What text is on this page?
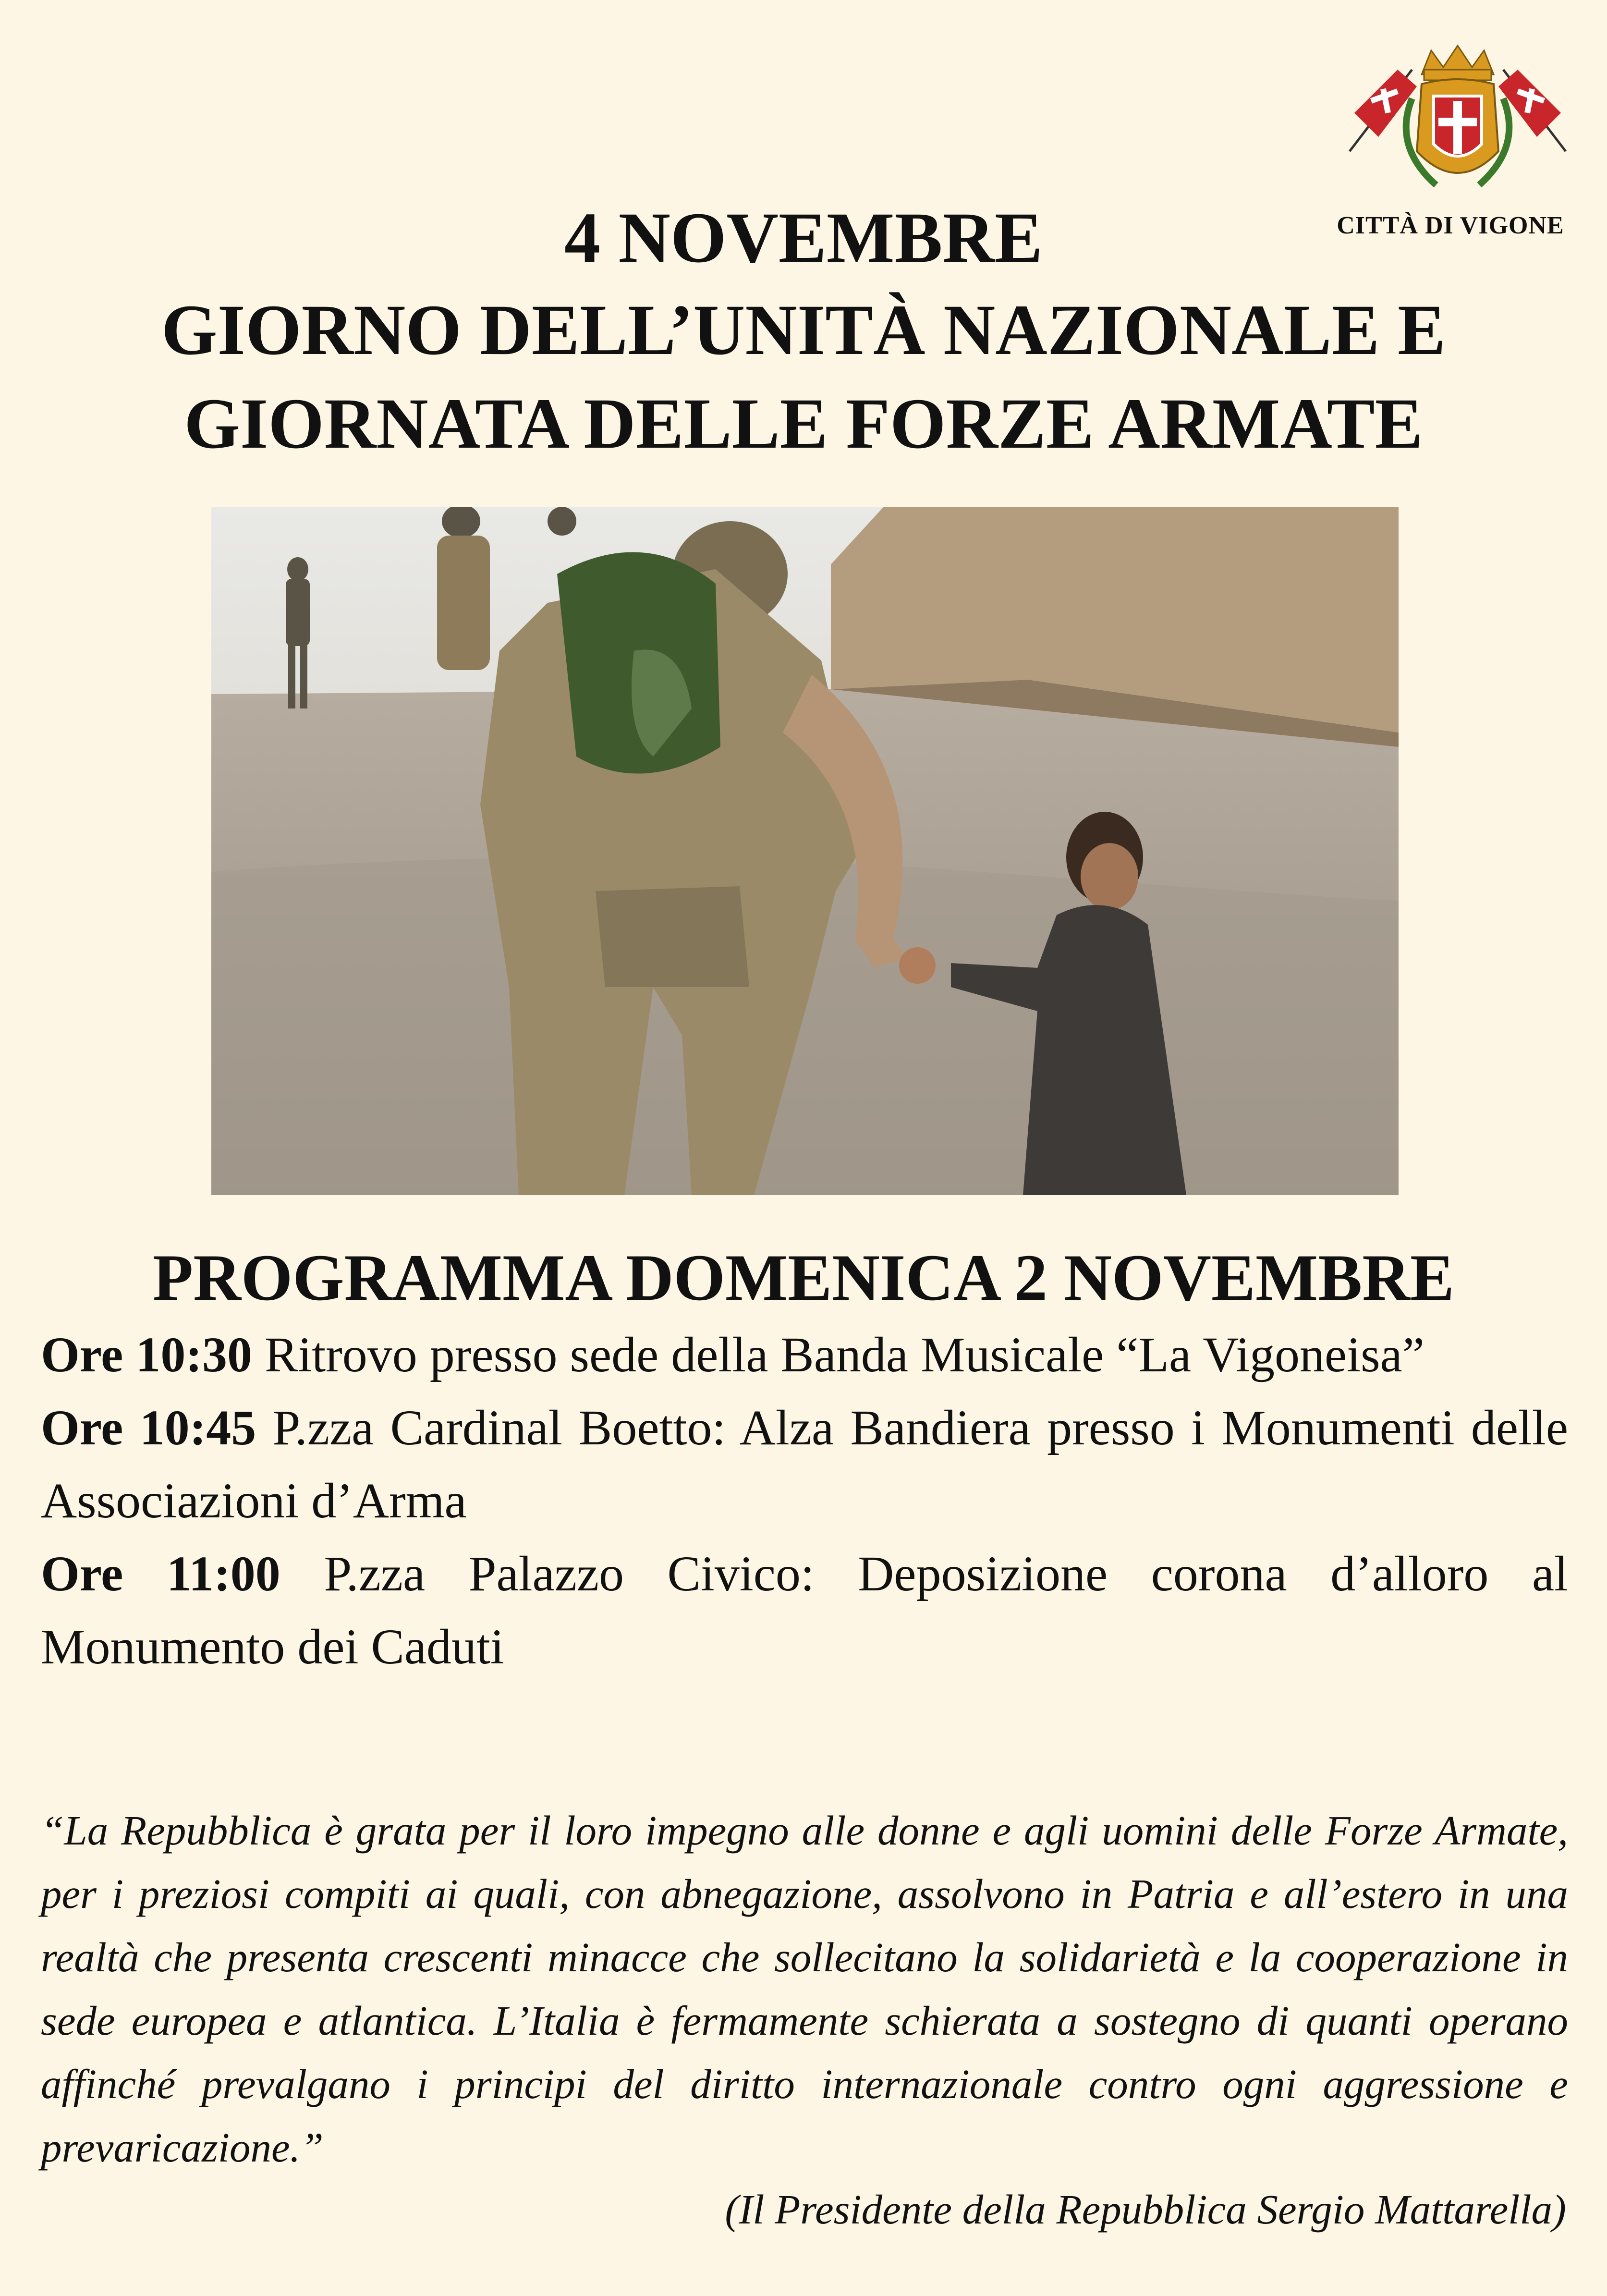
CITTÀ DI VIGONE
4 NOVEMBRE
GIORNO DELL’UNITÀ NAZIONALE E
GIORNATA DELLE FORZE ARMATE
PROGRAMMA DOMENICA 2 NOVEMBRE
Ore 10:30 Ritrovo presso sede della Banda Musicale “La Vigoneisa”
Ore 10:45 P.zza Cardinal Boetto: Alza Bandiera presso i Monumenti delle Associazioni d’Arma
Ore 11:00 P.zza Palazzo Civico: Deposizione corona d’alloro al Monumento dei Caduti
“La Repubblica è grata per il loro impegno alle donne e agli uomini delle Forze Armate, per i preziosi compiti ai quali, con abnegazione, assolvono in Patria e all’estero in una realtà che presenta crescenti minacce che sollecitano la solidarietà e la cooperazione in sede europea e atlantica. L’Italia è fermamente schierata a sostegno di quanti operano affinché prevalgano i principi del diritto internazionale contro ogni aggressione e prevaricazione.”
(Il Presidente della Repubblica Sergio Mattarella)
